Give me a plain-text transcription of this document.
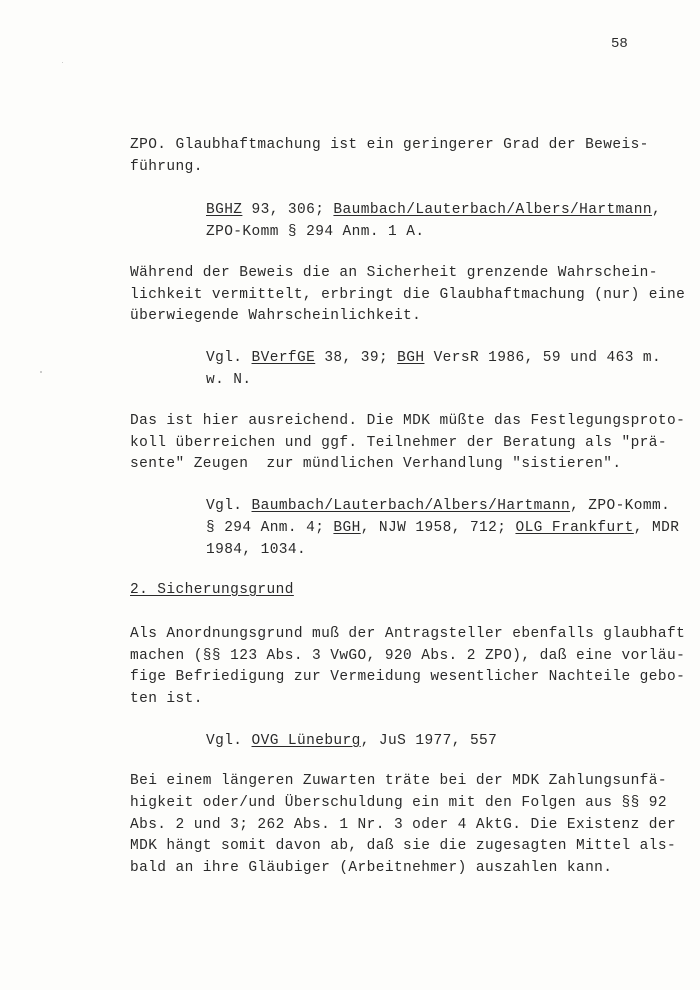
58
ZPO. Glaubhaftmachung ist ein geringerer Grad der Beweis-
führung.
BGHZ 93, 306; Baumbach/Lauterbach/Albers/Hartmann,
ZPO-Komm § 294 Anm. 1 A.
Während der Beweis die an Sicherheit grenzende Wahrschein-
lichkeit vermittelt, erbringt die Glaubhaftmachung (nur) eine
überwiegende Wahrscheinlichkeit.
Vgl. BVerfGE 38, 39; BGH VersR 1986, 59 und 463 m.
w. N.
Das ist hier ausreichend. Die MDK müßte das Festlegungsproto-
koll überreichen und ggf. Teilnehmer der Beratung als "prä-
sente" Zeugen  zur mündlichen Verhandlung "sistieren".
Vgl. Baumbach/Lauterbach/Albers/Hartmann, ZPO-Komm.
§ 294 Anm. 4; BGH, NJW 1958, 712; OLG Frankfurt, MDR
1984, 1034.
2. Sicherungsgrund
Als Anordnungsgrund muß der Antragsteller ebenfalls glaubhaft
machen (§§ 123 Abs. 3 VwGO, 920 Abs. 2 ZPO), daß eine vorläu-
fige Befriedigung zur Vermeidung wesentlicher Nachteile gebo-
ten ist.
Vgl. OVG Lüneburg, JuS 1977, 557
Bei einem längeren Zuwarten träte bei der MDK Zahlungsunfä-
higkeit oder/und Überschuldung ein mit den Folgen aus §§ 92
Abs. 2 und 3; 262 Abs. 1 Nr. 3 oder 4 AktG. Die Existenz der
MDK hängt somit davon ab, daß sie die zugesagten Mittel als-
bald an ihre Gläubiger (Arbeitnehmer) auszahlen kann.
